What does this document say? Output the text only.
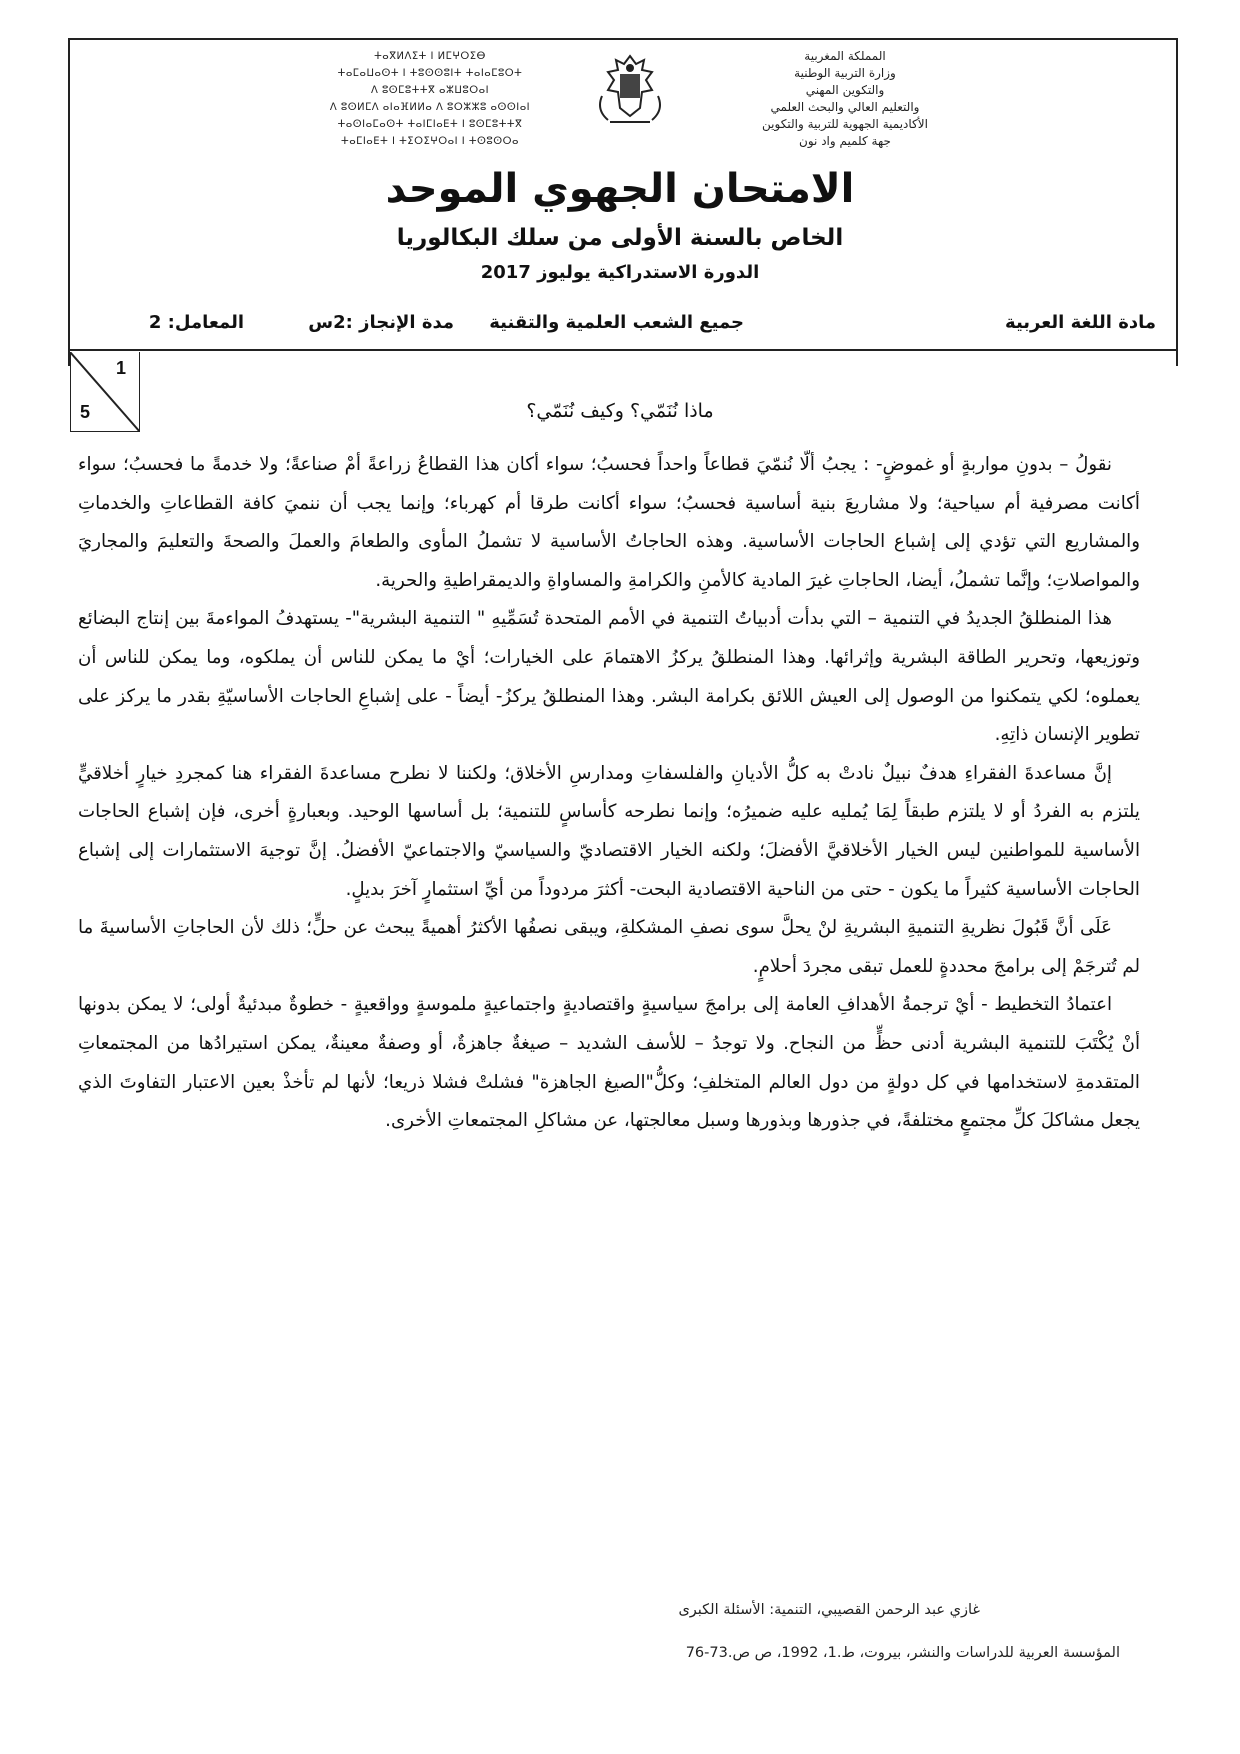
ⵜⴰⴳⵍⴷⵉⵜ ⵏ ⵍⵎⵖⵔⵉⴱ
ⵜⴰⵎⴰⵡⴰⵙⵜ ⵏ ⵜⵓⵙⵙⵓⵏⵜ ⵜⴰⵏⴰⵎⵓⵔⵜ
ⴷ ⵓⵙⵎⵓⵜⵜⴳ ⴰⵣⵡⵓⵔⴰⵏ
ⴷ ⵓⵙⵍⵎⴷ ⴰⵏⴰⴼⵍⵍⴰ ⴷ ⵓⵔⵣⵣⵓ ⴰⵙⵙⵏⴰⵏ
ⵜⴰⵙⵏⴰⵎⴰⵙⵜ ⵜⴰⵏⵎⵏⴰⴹⵜ ⵏ ⵓⵙⵎⵓⵜⵜⴳ
ⵜⴰⵎⵏⴰⴹⵜ ⵏ ⵜⵉⵔⵉⵖⵔⴰⵏ ⵏ ⵜⵙⵓⵙⵔⴰ
المملكة المغربية
وزارة التربية الوطنية
والتكوين المهني
والتعليم العالي والبحث العلمي
الأكاديمية الجهوية للتربية والتكوين
جهة كلميم واد نون
الامتحان الجهوي الموحد
الخاص بالسنة الأولى من سلك البكالوريا
الدورة الاستدراكية يوليوز 2017
مادة اللغة العربية
جميع الشعب العلمية والتقنية
مدة الإنجاز :2س
المعامل: 2
1
5	ماذا نُنَمّي؟ وكيف نُنَمّي؟

نقولُ – بدونِ مواربةٍ أو غموضٍ- : يجبُ ألّا نُنمّيَ قطاعاً واحداً فحسبُ؛ سواء أكان هذا القطاعُ زراعةً أمْ صناعةً؛ ولا خدمةً ما فحسبُ؛ سواء أكانت مصرفية أم سياحية؛ ولا مشاريعَ بنية أساسية فحسبُ؛ سواء أكانت طرقا أم كهرباء؛ وإنما يجب أن ننميَ كافة القطاعاتِ والخدماتِ والمشاريع التي تؤدي إلى إشباع الحاجات الأساسية. وهذه الحاجاتُ الأساسية لا تشملُ المأوى والطعامَ والعملَ والصحةَ والتعليمَ والمجاريَ والمواصلاتِ؛ وإنَّما تشملُ، أيضا، الحاجاتِ غيرَ المادية كالأمنِ والكرامةِ والمساواةِ والديمقراطيةِ والحرية.

هذا المنطلقُ الجديدُ في التنمية – التي بدأت أدبياتُ التنمية في الأمم المتحدة تُسَمِّيهِ " التنمية البشرية"- يستهدفُ المواءمةَ بين إنتاج البضائع وتوزيعها، وتحرير الطاقة البشرية وإثرائها. وهذا المنطلقُ يركزُ الاهتمامَ على الخيارات؛ أيْ ما يمكن للناس أن يملكوه، وما يمكن للناس أن يعملوه؛ لكي يتمكنوا من الوصول إلى العيش اللائق بكرامة البشر. وهذا المنطلقُ يركزُ- أيضاً - على إشباعِ الحاجات الأساسيّةِ بقدر ما يركز على تطوير الإنسان ذاتِهِ.

إنَّ مساعدةَ الفقراءِ هدفٌ نبيلٌ نادتْ به كلُّ الأديانِ والفلسفاتِ ومدارسِ الأخلاق؛ ولكننا لا نطرح مساعدةَ الفقراء هنا كمجردِ خيارٍ أخلاقيٍّ يلتزم به الفردُ أو لا يلتزم طبقاً لِمَا يُمليه عليه ضميرُه؛ وإنما نطرحه كأساسٍ للتنمية؛ بل أساسها الوحيد. وبعبارةٍ أخرى، فإن إشباع الحاجات الأساسية للمواطنين ليس الخيار الأخلاقيَّ الأفضلَ؛ ولكنه الخيار الاقتصاديّ والسياسيّ والاجتماعيّ الأفضلُ. إنَّ توجيهَ الاستثمارات إلى إشباع الحاجات الأساسية كثيراً ما يكون - حتى من الناحية الاقتصادية البحت- أكثرَ مردوداً من أيِّ استثمارٍ آخرَ بديلٍ.

عَلَى أنَّ قَبُولَ نظريةِ التنميةِ البشريةِ لنْ يحلَّ سوى نصفِ المشكلةِ، ويبقى نصفُها الأكثرُ أهميةً يبحث عن حلٍّ؛ ذلك لأن الحاجاتِ الأساسيةَ ما لم تُترجَمْ إلى برامجَ محددةٍ للعمل تبقى مجردَ أحلامٍ.

اعتمادُ التخطيط - أيْ ترجمةُ الأهدافِ العامة إلى برامجَ سياسيةٍ واقتصاديةٍ واجتماعيةٍ ملموسةٍ وواقعيةٍ - خطوةٌ مبدئيةٌ أولى؛ لا يمكن بدونها أنْ يُكْتَبَ للتنمية البشرية أدنى حظٍّ من النجاح. ولا توجدُ – للأسف الشديد – صيغةٌ جاهزةٌ، أو وصفةٌ معينةٌ، يمكن استيرادُها من المجتمعاتِ المتقدمةِ لاستخدامها في كل دولةٍ من دول العالم المتخلفِ؛ وكلُّ"الصيغ الجاهزة" فشلتْ فشلا ذريعا؛ لأنها لم تأخذْ بعين الاعتبار التفاوتَ الذي يجعل مشاكلَ كلِّ مجتمعٍ مختلفةً، في جذورها وبذورها وسبل معالجتها، عن مشاكلِ المجتمعاتِ الأخرى.

غازي عبد الرحمن القصيبي، التنمية: الأسئلة الكبرى
المؤسسة العربية للدراسات والنشر، بيروت، ط.1، 1992، ص ص.73-76
